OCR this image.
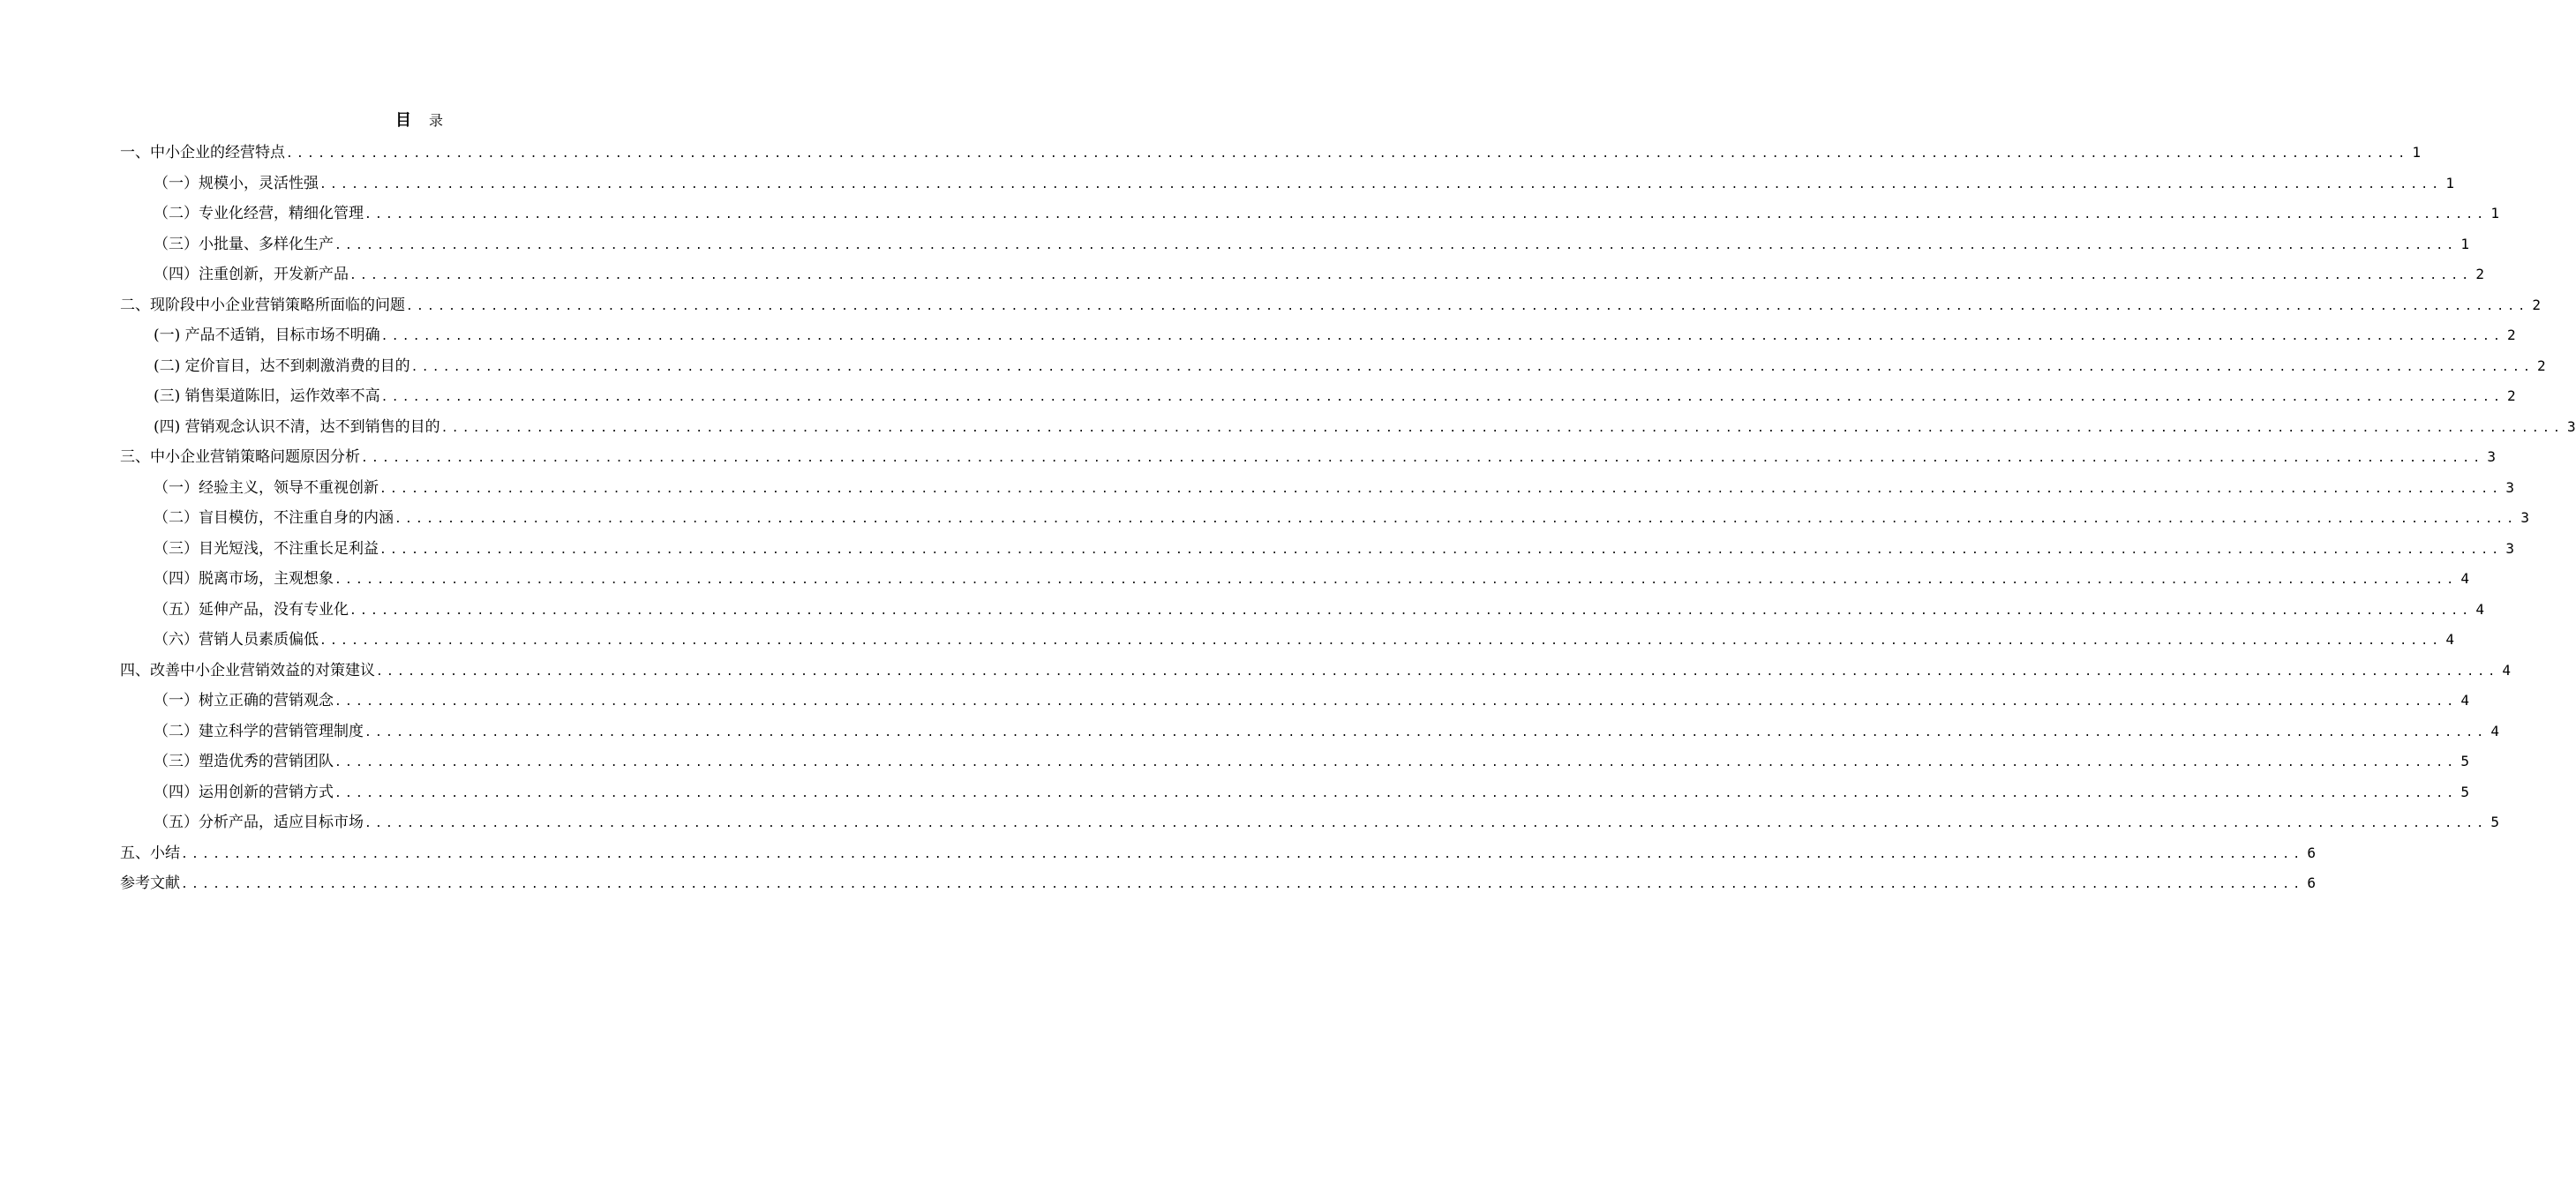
目 录
一、中小企业的经营特点 ........................................................................................................................................................................................................ 1
（一）规模小，灵活性强 ........................................................................................................................................................................................................ 1
（二）专业化经营，精细化管理 ........................................................................................................................................................................................................ 1
（三）小批量、多样化生产 ........................................................................................................................................................................................................ 1
（四）注重创新，开发新产品 ........................................................................................................................................................................................................ 2
二、现阶段中小企业营销策略所面临的问题 ........................................................................................................................................................................................................ 2
(一) 产品不适销，目标市场不明确 ........................................................................................................................................................................................................ 2
(二) 定价盲目，达不到刺激消费的目的 ........................................................................................................................................................................................................ 2
(三) 销售渠道陈旧，运作效率不高 ........................................................................................................................................................................................................ 2
(四) 营销观念认识不清，达不到销售的目的 ........................................................................................................................................................................................................ 3
三、中小企业营销策略问题原因分析 ........................................................................................................................................................................................................ 3
（一）经验主义，领导不重视创新 ........................................................................................................................................................................................................ 3
（二）盲目模仿，不注重自身的内涵 ........................................................................................................................................................................................................ 3
（三）目光短浅，不注重长足利益 ........................................................................................................................................................................................................ 3
（四）脱离市场，主观想象 ........................................................................................................................................................................................................ 4
（五）延伸产品，没有专业化 ........................................................................................................................................................................................................ 4
（六）营销人员素质偏低 ........................................................................................................................................................................................................ 4
四、改善中小企业营销效益的对策建议 ........................................................................................................................................................................................................ 4
（一）树立正确的营销观念 ........................................................................................................................................................................................................ 4
（二）建立科学的营销管理制度 ........................................................................................................................................................................................................ 4
（三）塑造优秀的营销团队 ........................................................................................................................................................................................................ 5
（四）运用创新的营销方式 ........................................................................................................................................................................................................ 5
（五）分析产品，适应目标市场 ........................................................................................................................................................................................................ 5
五、小结 ........................................................................................................................................................................................................ 6
参考文献 ........................................................................................................................................................................................................ 6
